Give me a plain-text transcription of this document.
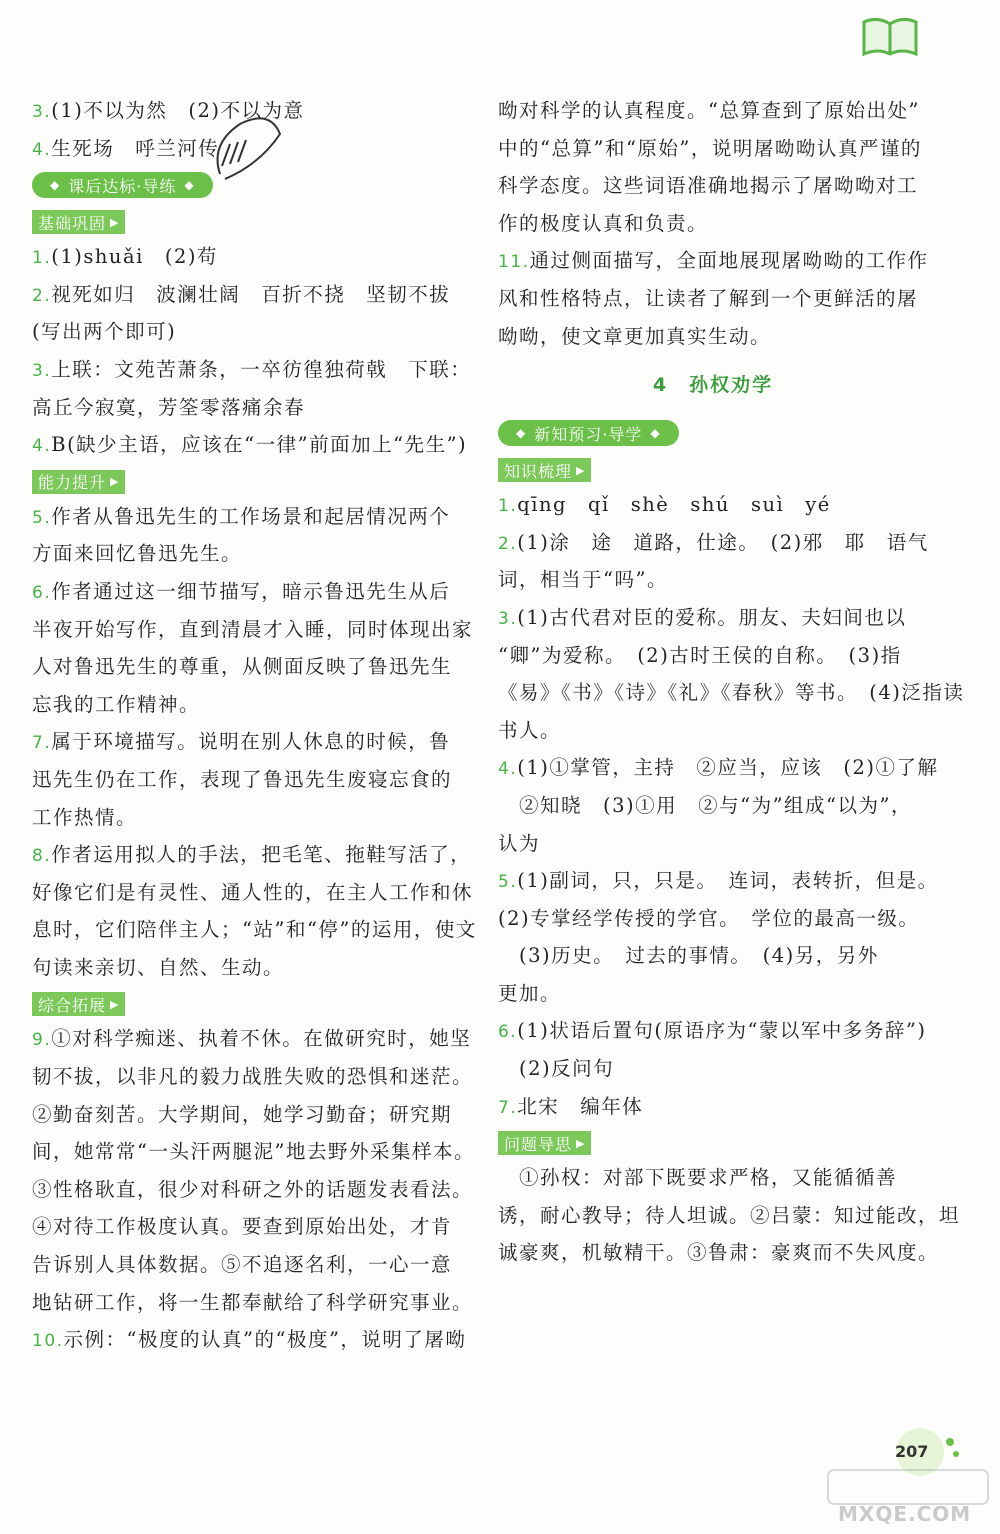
3.(1)不以为然　(2)不以为意
4.生死场　呼兰河传
◆ 课后达标·导练 ◆
基础巩固 ▶
1.(1)shuǎi　(2)苟
2.视死如归　波澜壮阔　百折不挠　坚韧不拔
(写出两个即可)
3.上联：文苑苦萧条，一卒彷徨独荷戟　下联：
高丘今寂寞，芳筌零落痛余春
4.B(缺少主语，应该在“一律”前面加上“先生”)
能力提升 ▶
5.作者从鲁迅先生的工作场景和起居情况两个
方面来回忆鲁迅先生。
6.作者通过这一细节描写，暗示鲁迅先生从后
半夜开始写作，直到清晨才入睡，同时体现出家
人对鲁迅先生的尊重，从侧面反映了鲁迅先生
忘我的工作精神。
7.属于环境描写。说明在别人休息的时候，鲁
迅先生仍在工作，表现了鲁迅先生废寝忘食的
工作热情。
8.作者运用拟人的手法，把毛笔、拖鞋写活了，
好像它们是有灵性、通人性的，在主人工作和休
息时，它们陪伴主人；“站”和“停”的运用，使文
句读来亲切、自然、生动。
综合拓展 ▶
9.①对科学痴迷、执着不休。在做研究时，她坚
韧不拔，以非凡的毅力战胜失败的恐惧和迷茫。
②勤奋刻苦。大学期间，她学习勤奋；研究期
间，她常常“一头汗两腿泥”地去野外采集样本。
③性格耿直，很少对科研之外的话题发表看法。
④对待工作极度认真。要查到原始出处，才肯
告诉别人具体数据。⑤不追逐名利，一心一意
地钻研工作，将一生都奉献给了科学研究事业。
10.示例：“极度的认真”的“极度”，说明了屠呦
呦对科学的认真程度。“总算查到了原始出处”
中的“总算”和“原始”，说明屠呦呦认真严谨的
科学态度。这些词语准确地揭示了屠呦呦对工
作的极度认真和负责。
11.通过侧面描写，全面地展现屠呦呦的工作作
风和性格特点，让读者了解到一个更鲜活的屠
呦呦，使文章更加真实生动。
4　孙权劝学
◆ 新知预习·导学 ◆
知识梳理 ▶
1.qīng　qǐ　shè　shú　suì　yé
2.(1)涂　途　道路，仕途。　(2)邪　耶　语气
词，相当于“吗”。
3.(1)古代君对臣的爱称。朋友、夫妇间也以
“卿”为爱称。　(2)古时王侯的自称。　(3)指
《易》《书》《诗》《礼》《春秋》等书。　(4)泛指读
书人。
4.(1)①掌管，主持　②应当，应该　(2)①了解
　②知晓　(3)①用　②与“为”组成“以为”，
认为
5.(1)副词，只，只是。　连词，表转折，但是。
(2)专掌经学传授的学官。　学位的最高一级。
　(3)历史。　过去的事情。　(4)另，另外
更加。
6.(1)状语后置句(原语序为“蒙以军中多务辞”)
　(2)反问句
7.北宋　编年体
问题导思 ▶
　①孙权：对部下既要求严格，又能循循善
诱，耐心教导；待人坦诚。②吕蒙：知过能改，坦
诚豪爽，机敏精干。③鲁肃：豪爽而不失风度。
207
MXQE.COM
